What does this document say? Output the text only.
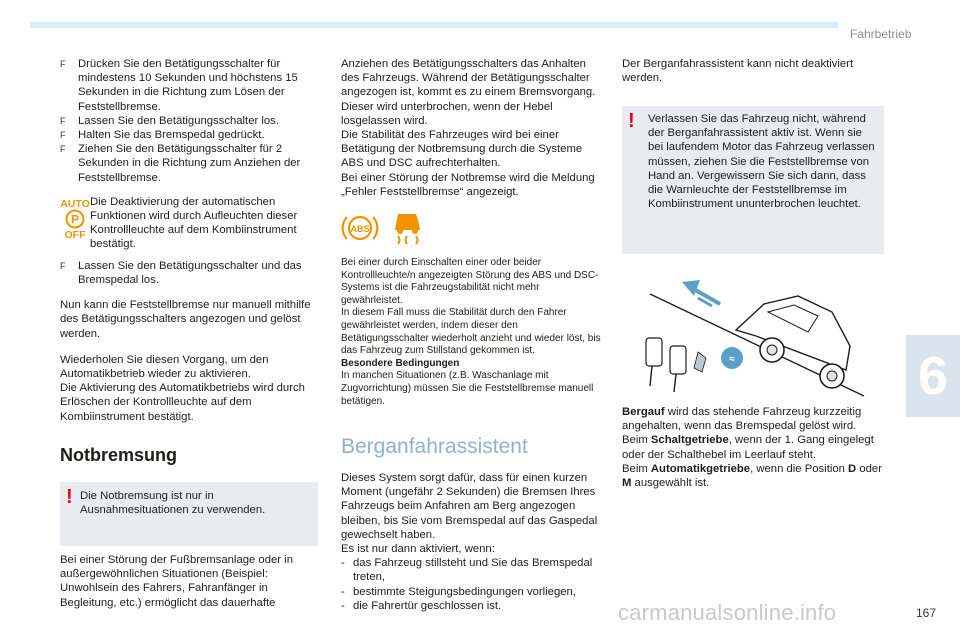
Fahrbetrieb
F Drücken Sie den Betätigungsschalter für mindestens 10 Sekunden und höchstens 15 Sekunden in die Richtung zum Lösen der Feststellbremse.
F Lassen Sie den Betätigungsschalter los.
F Halten Sie das Bremspedal gedrückt.
F Ziehen Sie den Betätigungsschalter für 2 Sekunden in die Richtung zum Anziehen der Feststellbremse.
AUTO
P
OFF

Die Deaktivierung der automatischen Funktionen wird durch Aufleuchten dieser Kontrollleuchte auf dem Kombiinstrument bestätigt.

F Lassen Sie den Betätigungsschalter und das Bremspedal los.

Nun kann die Feststellbremse nur manuell mithilfe des Betätigungsschalters angezogen und gelöst werden.

Wiederholen Sie diesen Vorgang, um den Automatikbetrieb wieder zu aktivieren.

Die Aktivierung des Automatikbetriebs wird durch Erlöschen der Kontrollleuchte auf dem Kombiinstrument bestätigt.

Notbremsung
! Die Notbremsung ist nur in Ausnahmesituationen zu verwenden.

Bei einer Störung der Fußbremsanlage oder in außergewöhnlichen Situationen (Beispiel: Unwohlsein des Fahrers, Fahranfänger in Begleitung, etc.) ermöglicht das dauerhafte

Anziehen des Betätigungsschalters das Anhalten des Fahrzeugs. Während der Betätigungsschalter angezogen ist, kommt es zu einem Bremsvorgang. Dieser wird unterbrochen, wenn der Hebel losgelassen wird.

Die Stabilität des Fahrzeuges wird bei einer Betätigung der Notbremsung durch die Systeme ABS und DSC aufrechterhalten.

Bei einer Störung der Notbremse wird die Meldung „Fehler Feststellbremse“ angezeigt.

ABS

Bei einer durch Einschalten einer oder beider Kontrollleuchte/n angezeigten Störung des ABS und DSC-Systems ist die Fahrzeugstabilität nicht mehr gewährleistet.

In diesem Fall muss die Stabilität durch den Fahrer gewährleistet werden, indem dieser den Betätigungsschalter wiederholt anzieht und wieder löst, bis das Fahrzeug zum Stillstand gekommen ist.

Besondere Bedingungen

In manchen Situationen (z.B. Waschanlage mit Zugvorrichtung) müssen Sie die Feststellbremse manuell betätigen.

Berganfahrassistent

Dieses System sorgt dafür, dass für einen kurzen Moment (ungefähr 2 Sekunden) die Bremsen Ihres Fahrzeugs beim Anfahren am Berg angezogen bleiben, bis Sie vom Bremspedal auf das Gaspedal gewechselt haben.

Es ist nur dann aktiviert, wenn:

- das Fahrzeug stillsteht und Sie das Bremspedal treten,
- bestimmte Steigungsbedingungen vorliegen,
- die Fahrertür geschlossen ist.

Der Berganfahrassistent kann nicht deaktiviert werden.

! Verlassen Sie das Fahrzeug nicht, während der Berganfahrassistent aktiv ist. Wenn sie bei laufendem Motor das Fahrzeug verlassen müssen, ziehen Sie die Feststellbremse von Hand an. Vergewissern Sie sich dann, dass die Warnleuchte der Feststellbremse im Kombiinstrument ununterbrochen leuchtet.

≈

Bergauf wird das stehende Fahrzeug kurzzeitig angehalten, wenn das Bremspedal gelöst wird.

Beim Schaltgetriebe, wenn der 1. Gang eingelegt oder der Schalthebel im Leerlauf steht.

Beim Automatikgetriebe, wenn die Position D oder M ausgewählt ist.

6
carmanualsonline.info	167
